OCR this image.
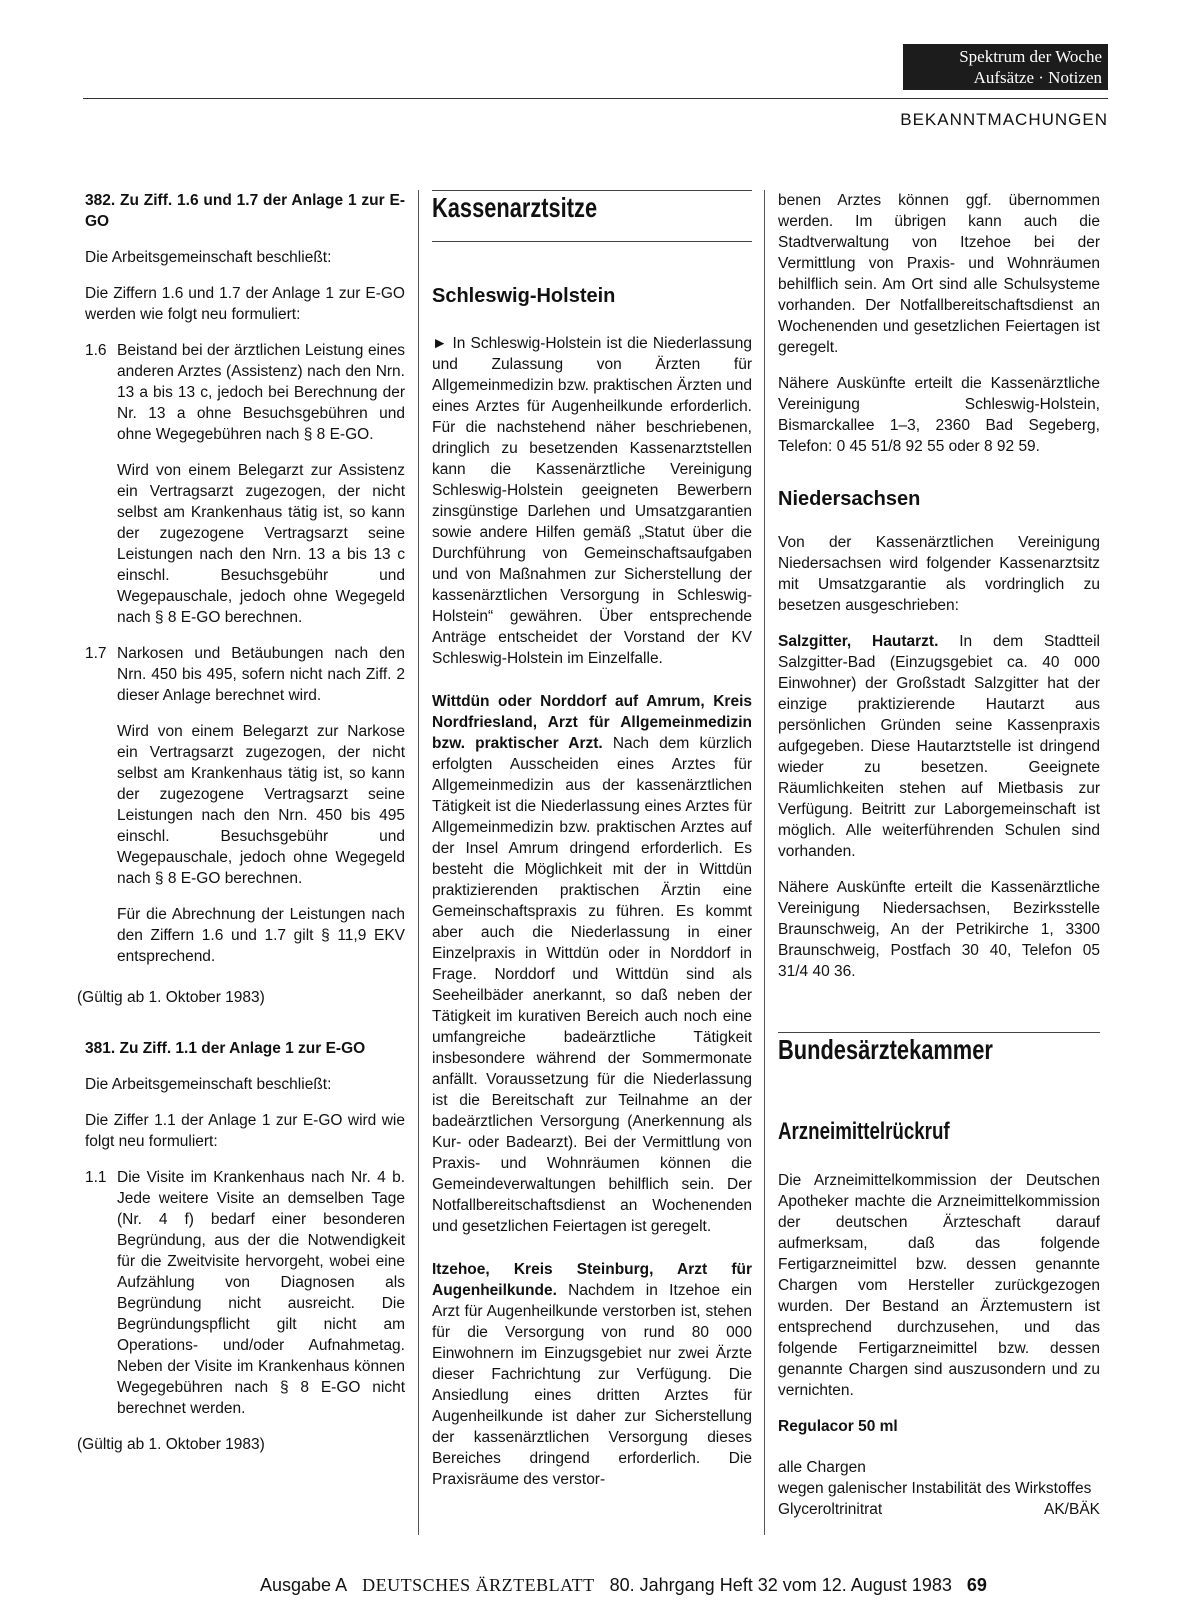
Spektrum der Woche
Aufsätze · Notizen
BEKANNTMACHUNGEN

382. Zu Ziff. 1.6 und 1.7 der Anlage 1 zur E-GO

Die Arbeitsgemeinschaft beschließt:

Die Ziffern 1.6 und 1.7 der Anlage 1 zur E-GO werden wie folgt neu formuliert:

1.6 Beistand bei der ärztlichen Leistung eines anderen Arztes (Assistenz) nach den Nrn. 13 a bis 13 c, jedoch bei Berechnung der Nr. 13 a ohne Besuchsgebühren und ohne Wegegebühren nach § 8 E-GO.

Wird von einem Belegarzt zur Assistenz ein Vertragsarzt zugezogen, der nicht selbst am Krankenhaus tätig ist, so kann der zugezogene Vertragsarzt seine Leistungen nach den Nrn. 13 a bis 13 c einschl. Besuchsgebühr und Wegepauschale, jedoch ohne Wegegeld nach § 8 E-GO berechnen.

1.7 Narkosen und Betäubungen nach den Nrn. 450 bis 495, sofern nicht nach Ziff. 2 dieser Anlage berechnet wird.

Wird von einem Belegarzt zur Narkose ein Vertragsarzt zugezogen, der nicht selbst am Krankenhaus tätig ist, so kann der zugezogene Vertragsarzt seine Leistungen nach den Nrn. 450 bis 495 einschl. Besuchsgebühr und Wegepauschale, jedoch ohne Wegegeld nach § 8 E-GO berechnen.

Für die Abrechnung der Leistungen nach den Ziffern 1.6 und 1.7 gilt § 11,9 EKV entsprechend.

(Gültig ab 1. Oktober 1983)

381. Zu Ziff. 1.1 der Anlage 1 zur E-GO

Die Arbeitsgemeinschaft beschließt:

Die Ziffer 1.1 der Anlage 1 zur E-GO wird wie folgt neu formuliert:

1.1 Die Visite im Krankenhaus nach Nr. 4 b. Jede weitere Visite an demselben Tage (Nr. 4 f) bedarf einer besonderen Begründung, aus der die Notwendigkeit für die Zweitvisite hervorgeht, wobei eine Aufzählung von Diagnosen als Begründung nicht ausreicht. Die Begründungspflicht gilt nicht am Operations- und/oder Aufnahmetag. Neben der Visite im Krankenhaus können Wegegebühren nach § 8 E-GO nicht berechnet werden.

(Gültig ab 1. Oktober 1983)

Kassenarztsitze

Schleswig-Holstein

► In Schleswig-Holstein ist die Niederlassung und Zulassung von Ärzten für Allgemeinmedizin bzw. praktischen Ärzten und eines Arztes für Augenheilkunde erforderlich. Für die nachstehend näher beschriebenen, dringlich zu besetzenden Kassenarztstellen kann die Kassenärztliche Vereinigung Schleswig-Holstein geeigneten Bewerbern zinsgünstige Darlehen und Umsatzgarantien sowie andere Hilfen gemäß „Statut über die Durchführung von Gemeinschaftsaufgaben und von Maßnahmen zur Sicherstellung der kassenärztlichen Versorgung in Schleswig-Holstein“ gewähren. Über entsprechende Anträge entscheidet der Vorstand der KV Schleswig-Holstein im Einzelfalle.

Wittdün oder Norddorf auf Amrum, Kreis Nordfriesland, Arzt für Allgemeinmedizin bzw. praktischer Arzt. Nach dem kürzlich erfolgten Ausscheiden eines Arztes für Allgemeinmedizin aus der kassenärztlichen Tätigkeit ist die Niederlassung eines Arztes für Allgemeinmedizin bzw. praktischen Arztes auf der Insel Amrum dringend erforderlich. Es besteht die Möglichkeit mit der in Wittdün praktizierenden praktischen Ärztin eine Gemeinschaftspraxis zu führen. Es kommt aber auch die Niederlassung in einer Einzelpraxis in Wittdün oder in Norddorf in Frage. Norddorf und Wittdün sind als Seeheilbäder anerkannt, so daß neben der Tätigkeit im kurativen Bereich auch noch eine umfangreiche badeärztliche Tätigkeit insbesondere während der Sommermonate anfällt. Voraussetzung für die Niederlassung ist die Bereitschaft zur Teilnahme an der badeärztlichen Versorgung (Anerkennung als Kur- oder Badearzt). Bei der Vermittlung von Praxis- und Wohnräumen können die Gemeindeverwaltungen behilflich sein. Der Notfallbereitschaftsdienst an Wochenenden und gesetzlichen Feiertagen ist geregelt.

Itzehoe, Kreis Steinburg, Arzt für Augenheilkunde. Nachdem in Itzehoe ein Arzt für Augenheilkunde verstorben ist, stehen für die Versorgung von rund 80 000 Einwohnern im Einzugsgebiet nur zwei Ärzte dieser Fachrichtung zur Verfügung. Die Ansiedlung eines dritten Arztes für Augenheilkunde ist daher zur Sicherstellung der kassenärztlichen Versorgung dieses Bereiches dringend erforderlich. Die Praxisräume des verstor-

benen Arztes können ggf. übernommen werden. Im übrigen kann auch die Stadtverwaltung von Itzehoe bei der Vermittlung von Praxis- und Wohnräumen behilflich sein. Am Ort sind alle Schulsysteme vorhanden. Der Notfallbereitschaftsdienst an Wochenenden und gesetzlichen Feiertagen ist geregelt.

Nähere Auskünfte erteilt die Kassenärztliche Vereinigung Schleswig-Holstein, Bismarckallee 1–3, 2360 Bad Segeberg, Telefon: 0 45 51/8 92 55 oder 8 92 59.

Niedersachsen

Von der Kassenärztlichen Vereinigung Niedersachsen wird folgender Kassenarztsitz mit Umsatzgarantie als vordringlich zu besetzen ausgeschrieben:

Salzgitter, Hautarzt. In dem Stadtteil Salzgitter-Bad (Einzugsgebiet ca. 40 000 Einwohner) der Großstadt Salzgitter hat der einzige praktizierende Hautarzt aus persönlichen Gründen seine Kassenpraxis aufgegeben. Diese Hautarztstelle ist dringend wieder zu besetzen. Geeignete Räumlichkeiten stehen auf Mietbasis zur Verfügung. Beitritt zur Laborgemeinschaft ist möglich. Alle weiterführenden Schulen sind vorhanden.

Nähere Auskünfte erteilt die Kassenärztliche Vereinigung Niedersachsen, Bezirksstelle Braunschweig, An der Petrikirche 1, 3300 Braunschweig, Postfach 30 40, Telefon 05 31/4 40 36.

Bundesärztekammer

Arzneimittelrückruf

Die Arzneimittelkommission der Deutschen Apotheker machte die Arzneimittelkommission der deutschen Ärzteschaft darauf aufmerksam, daß das folgende Fertigarzneimittel bzw. dessen genannte Chargen vom Hersteller zurückgezogen wurden. Der Bestand an Ärztemustern ist entsprechend durchzusehen, und das folgende Fertigarzneimittel bzw. dessen genannte Chargen sind auszusondern und zu vernichten.

Regulacor 50 ml

alle Chargen

wegen galenischer Instabilität des Wirkstoffes Glyceroltrinitrat	AK/BÄK

Ausgabe A DEUTSCHES ÄRZTEBLATT 80. Jahrgang Heft 32 vom 12. August 1983 69
